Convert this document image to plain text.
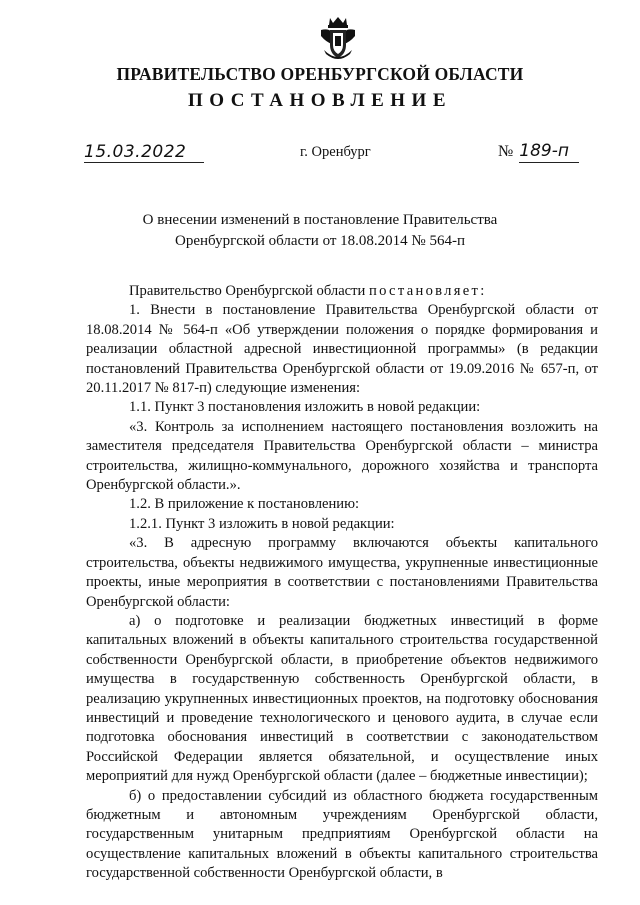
ПРАВИТЕЛЬСТВО ОРЕНБУРГСКОЙ ОБЛАСТИ
ПОСТАНОВЛЕНИЕ
15.03.2022	г. Оренбург	№ 189-п
О внесении изменений в постановление Правительства
Оренбургской области от 18.08.2014 № 564-п

Правительство Оренбургской области постановляет:

1. Внести в постановление Правительства Оренбургской области от 18.08.2014 № 564-п «Об утверждении положения о порядке формирования и реализации областной адресной инвестиционной программы» (в редакции постановлений Правительства Оренбургской области от 19.09.2016 № 657-п, от 20.11.2017 № 817-п) следующие изменения:

1.1. Пункт 3 постановления изложить в новой редакции:

«3. Контроль за исполнением настоящего постановления возложить на заместителя председателя Правительства Оренбургской области – министра строительства, жилищно-коммунального, дорожного хозяйства и транспорта Оренбургской области.».

1.2. В приложение к постановлению:

1.2.1. Пункт 3 изложить в новой редакции:

«3. В адресную программу включаются объекты капитального строительства, объекты недвижимого имущества, укрупненные инвестиционные проекты, иные мероприятия в соответствии с постановлениями Правительства Оренбургской области:

а) о подготовке и реализации бюджетных инвестиций в форме капитальных вложений в объекты капитального строительства государственной собственности Оренбургской области, в приобретение объектов недвижимого имущества в государственную собственность Оренбургской области, в реализацию укрупненных инвестиционных проектов, на подготовку обоснования инвестиций и проведение технологического и ценового аудита, в случае если подготовка обоснования инвестиций в соответствии с законодательством Российской Федерации является обязательной, и осуществление иных мероприятий для нужд Оренбургской области (далее – бюджетные инвестиции);

б) о предоставлении субсидий из областного бюджета государственным бюджетным и автономным учреждениям Оренбургской области, государственным унитарным предприятиям Оренбургской области на осуществление капитальных вложений в объекты капитального строительства государственной собственности Оренбургской области, в
